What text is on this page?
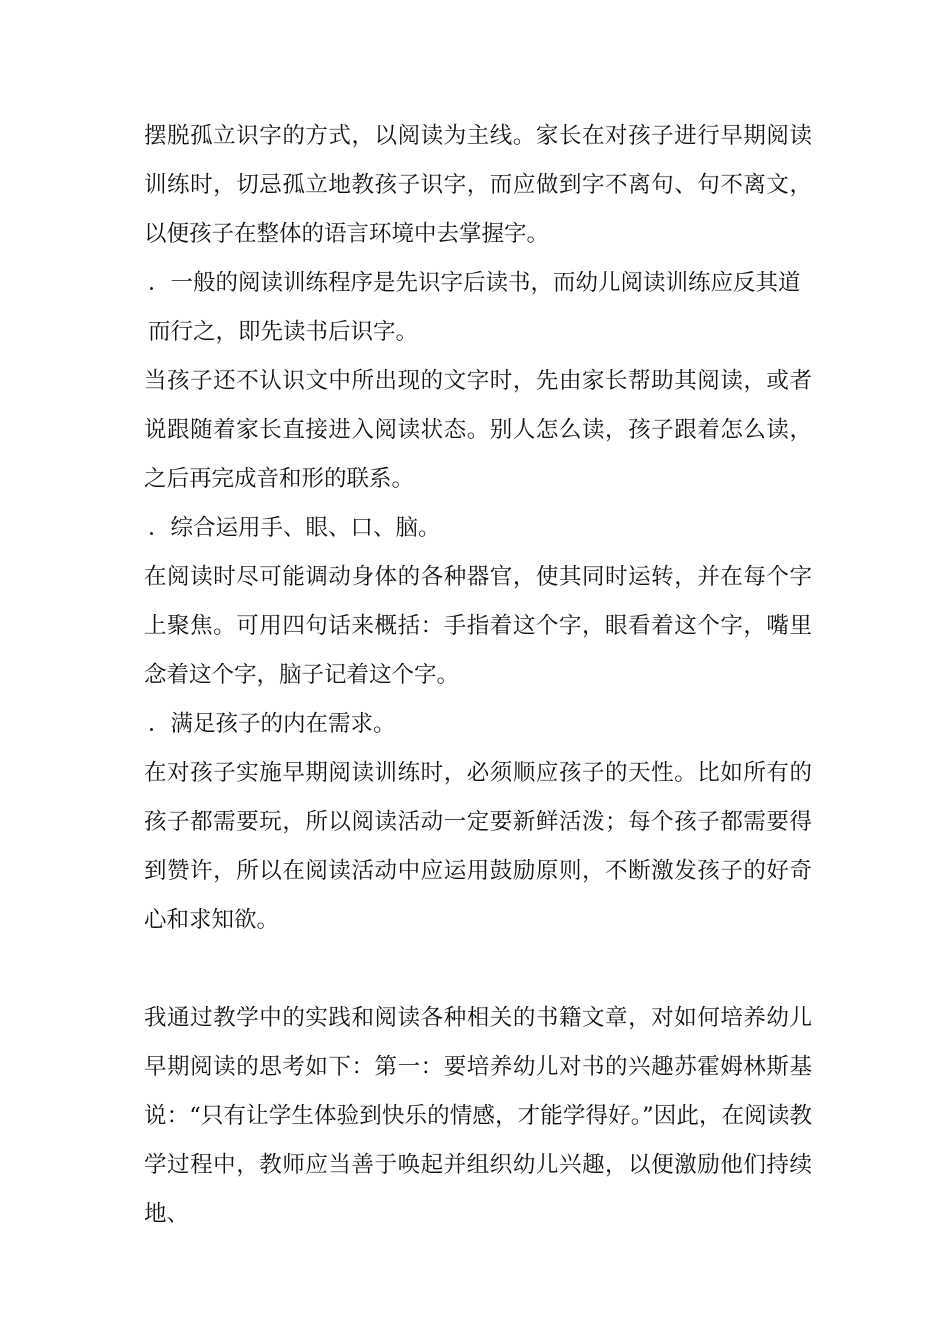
摆脱孤立识字的方式，以阅读为主线。家长在对孩子进行早期阅读训练时，切忌孤立地教孩子识字，而应做到字不离句、句不离文，以便孩子在整体的语言环境中去掌握字。

．一般的阅读训练程序是先识字后读书，而幼儿阅读训练应反其道而行之，即先读书后识字。

当孩子还不认识文中所出现的文字时，先由家长帮助其阅读，或者说跟随着家长直接进入阅读状态。别人怎么读，孩子跟着怎么读，之后再完成音和形的联系。

．综合运用手、眼、口、脑。

在阅读时尽可能调动身体的各种器官，使其同时运转，并在每个字上聚焦。可用四句话来概括：手指着这个字，眼看着这个字，嘴里念着这个字，脑子记着这个字。

．满足孩子的内在需求。

在对孩子实施早期阅读训练时，必须顺应孩子的天性。比如所有的孩子都需要玩，所以阅读活动一定要新鲜活泼；每个孩子都需要得到赞许，所以在阅读活动中应运用鼓励原则，不断激发孩子的好奇心和求知欲。

我通过教学中的实践和阅读各种相关的书籍文章，对如何培养幼儿早期阅读的思考如下：第一：要培养幼儿对书的兴趣苏霍姆林斯基说：“只有让学生体验到快乐的情感，才能学得好。”因此，在阅读教学过程中，教师应当善于唤起并组织幼儿兴趣，以便激励他们持续地、
